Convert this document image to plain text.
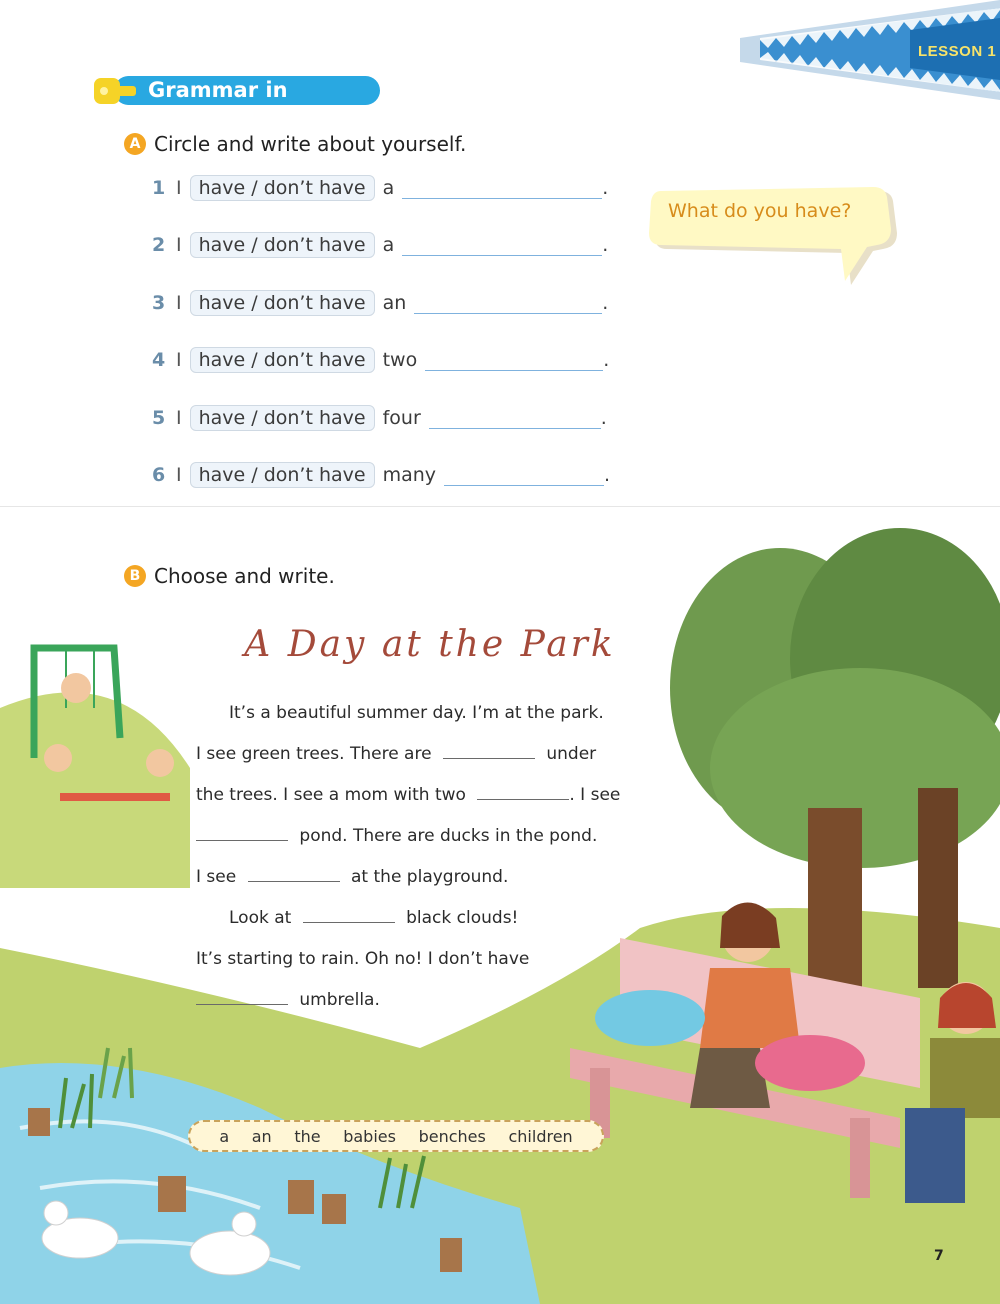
LESSON 1
Grammar in Context
A Circle and write about yourself.
1 I have / don’t have a	.
2 I have / don’t have a	.
3 I have / don’t have an	.
4 I have / don’t have two	.
5 I have / don’t have four	.
6 I have / don’t have many	.
What do you have?
B Choose and write.
A Day at the Park
It’s a beautiful summer day. I’m at the park.
I see green trees. There are	under
the trees. I see a mom with two	. I see
pond. There are ducks in the pond.
I see	at the playground.
Look at	black clouds!
It’s starting to rain. Oh no! I don’t have
umbrella.
a an the babies benches children
7
